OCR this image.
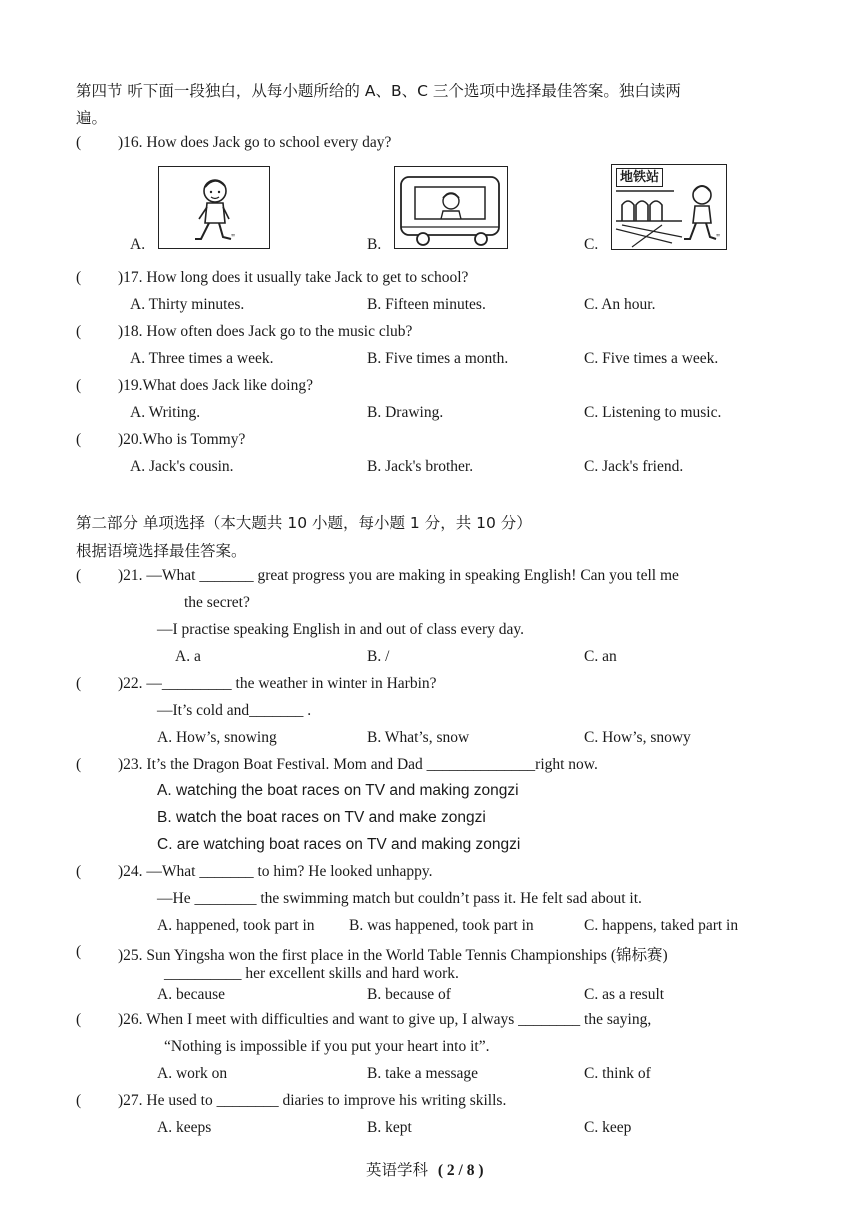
第四节 听下面一段独白，从每小题所给的 A、B、C 三个选项中选择最佳答案。独白读两
遍。
( )16. How does Jack go to school every day?
A.	"	B.	C.
地铁站
"
( )17. How long does it usually take Jack to get to school?
A. Thirty minutes.	B. Fifteen minutes.	C. An hour.
( )18. How often does Jack go to the music club?
A. Three times a week.	B. Five times a month.	C. Five times a week.
( )19.What does Jack like doing?
A. Writing.	B. Drawing.	C. Listening to music.
( )20.Who is Tommy?
A. Jack's cousin.	B. Jack's brother.	C. Jack's friend.
第二部分 单项选择（本大题共 10 小题，每小题 1 分，共 10 分）
根据语境选择最佳答案。
( )21. —What _______ great progress you are making in speaking English! Can you tell me
the secret?
—I practise speaking English in and out of class every day.
A. a	B. /	C. an
( )22. —_________ the weather in winter in Harbin?
—It’s cold and_______ .
A. How’s, snowing	B. What’s, snow	C. How’s, snowy
( )23. It’s the Dragon Boat Festival. Mom and Dad ______________right now.
A. watching the boat races on TV and making zongzi
B. watch the boat races on TV and make zongzi
C. are watching boat races on TV and making zongzi
( )24. —What _______ to him? He looked unhappy.
—He ________ the swimming match but couldn’t pass it. He felt sad about it.
A. happened, took part in B. was happened, took part in	C. happens, taked part in
( )25. Sun Yingsha won the first place in the World Table Tennis Championships (锦标赛)
__________ her excellent skills and hard work.
A. because	B. because of	C. as a result
( )26. When I meet with difficulties and want to give up, I always ________ the saying,
“Nothing is impossible if you put your heart into it”.
A. work on	B. take a message	C. think of
( )27. He used to ________ diaries to improve his writing skills.
A. keeps	B. kept	C. keep
英语学科 ( 2 / 8 )
